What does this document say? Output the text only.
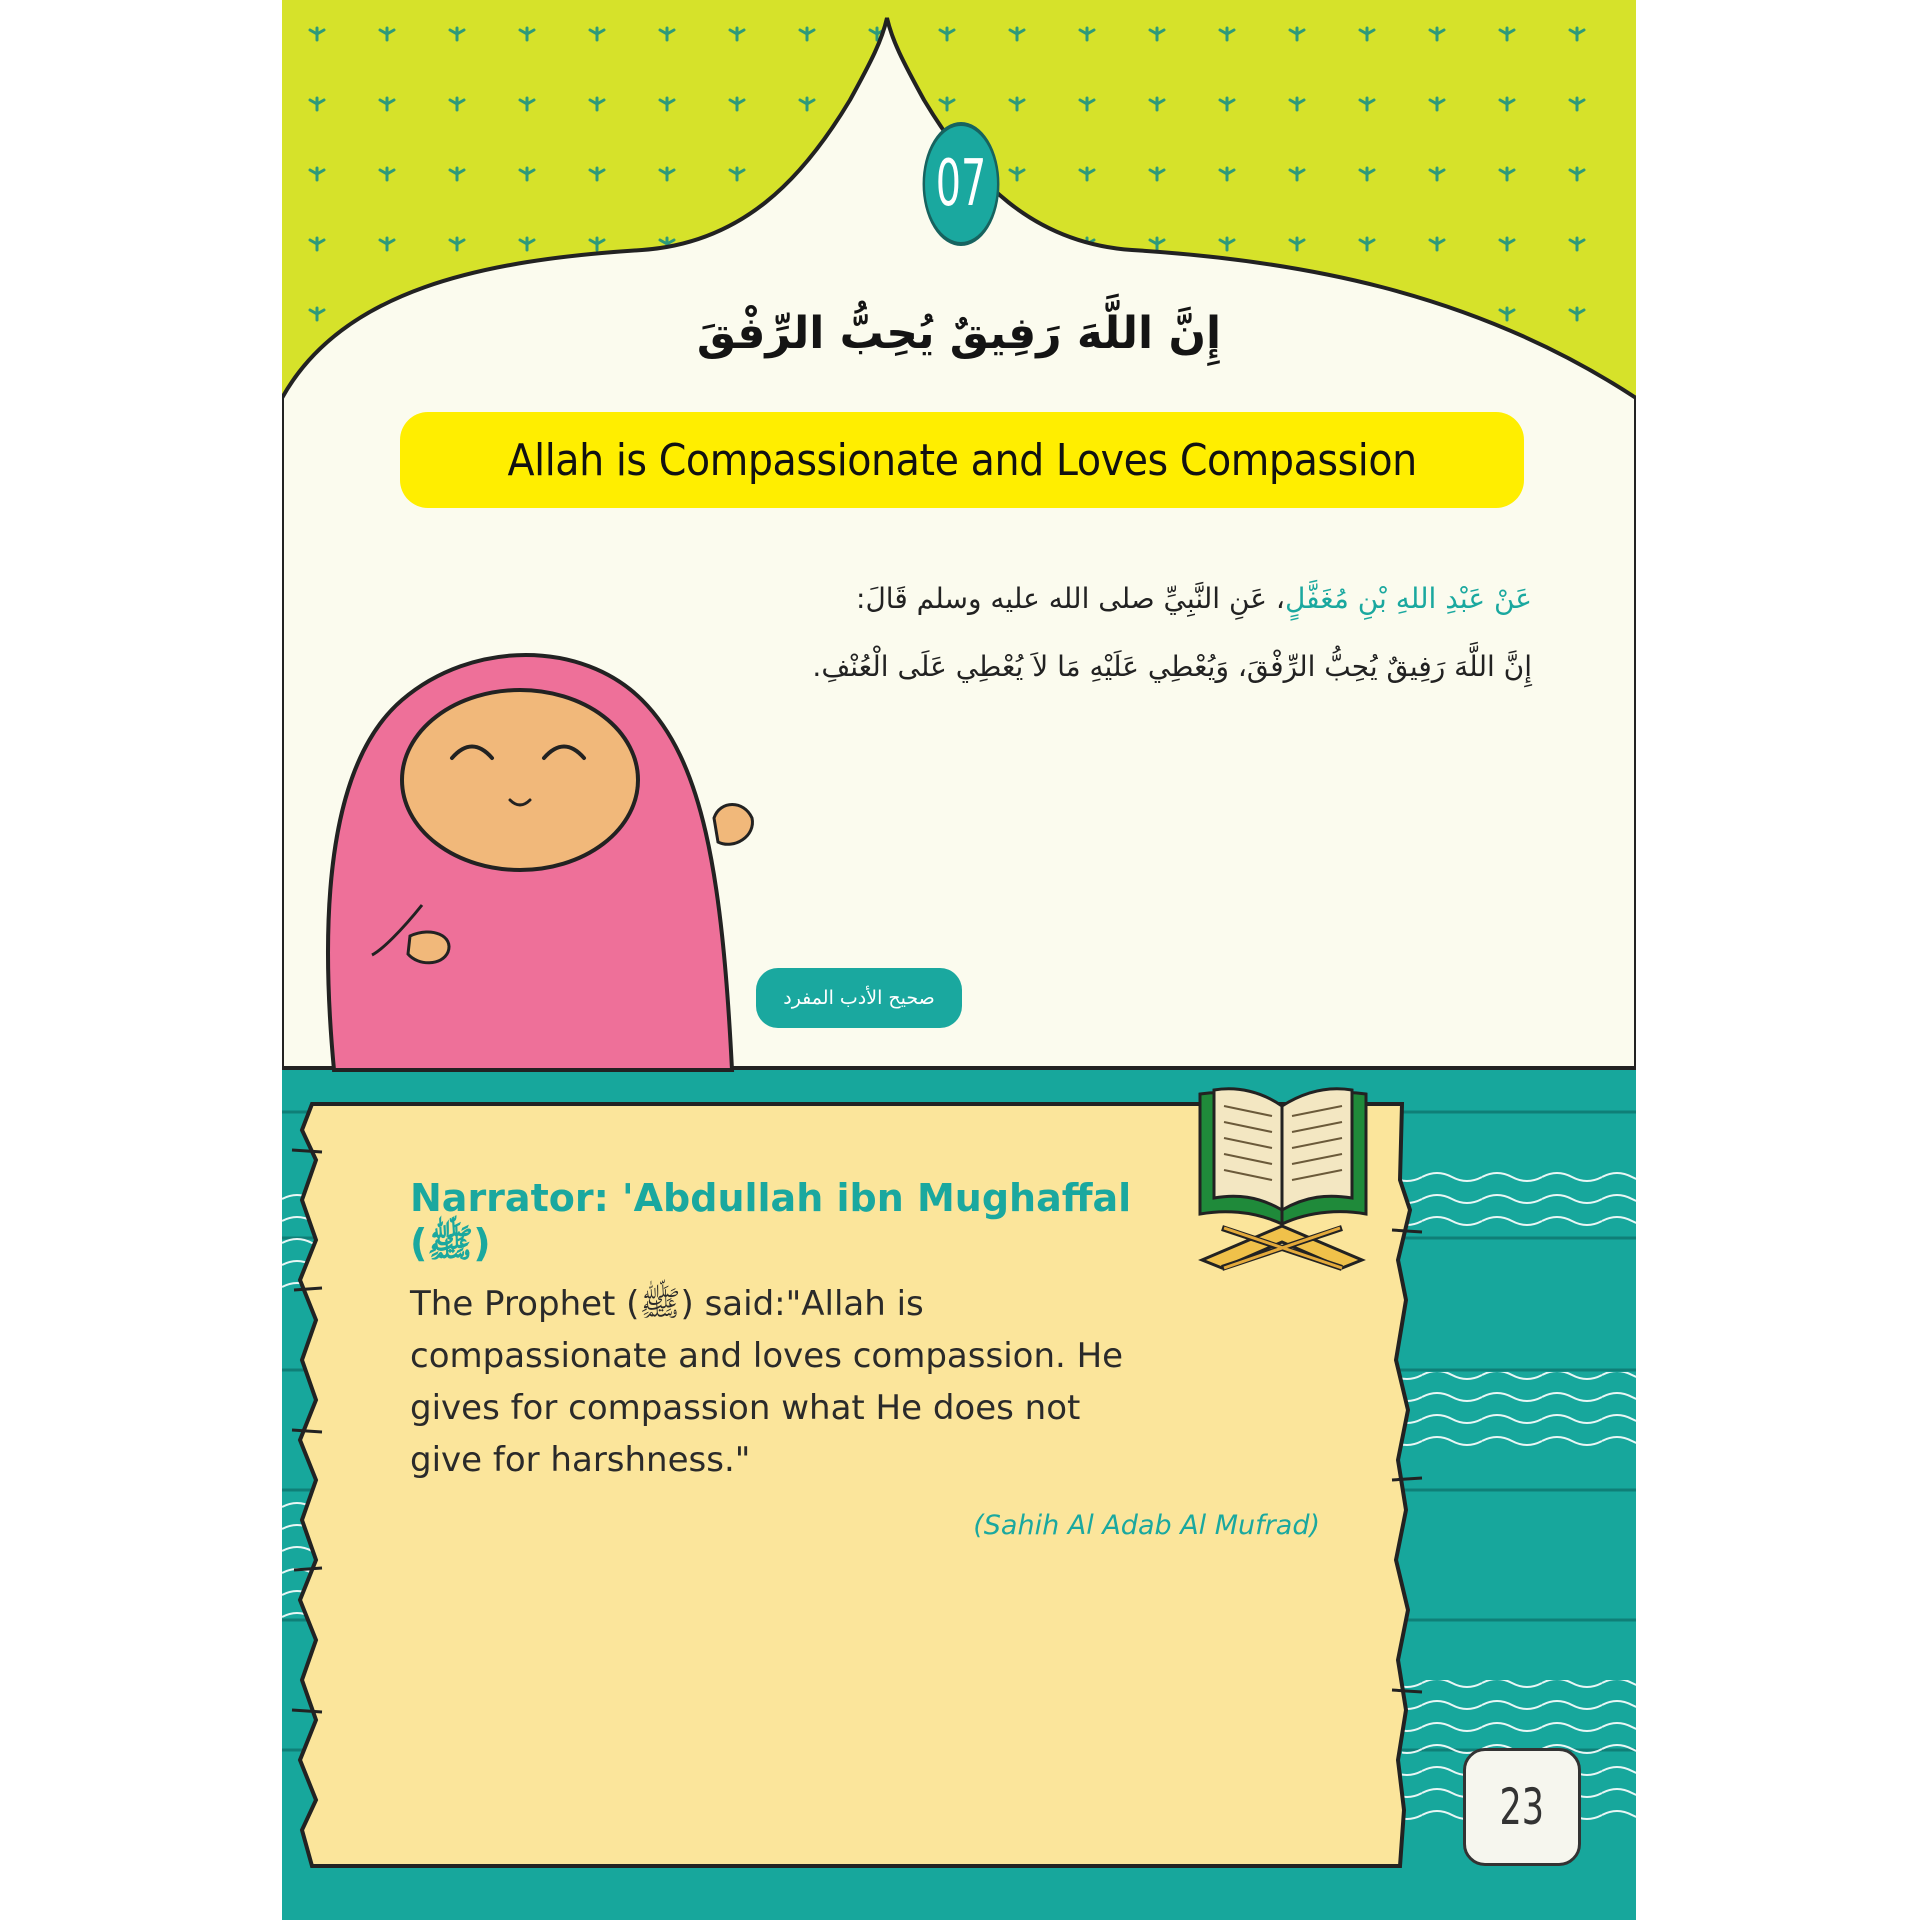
07
إِنَّ اللَّهَ رَفِيقٌ يُحِبُّ الرِّفْقَ
Allah is Compassionate and Loves Compassion
عَنْ عَبْدِ اللهِ بْنِ مُغَفَّلٍ، عَنِ النَّبِيِّ صلى الله عليه وسلم قَالَ:
إِنَّ اللَّهَ رَفِيقٌ يُحِبُّ الرِّفْقَ، وَيُعْطِي عَلَيْهِ مَا لاَ يُعْطِي عَلَى الْعُنْفِ.
صحيح الأدب المفرد
Narrator: 'Abdullah ibn Mughaffal (ﷺ)
The Prophet (ﷺ) said:"Allah is compassionate and loves compassion. He gives for compassion what He does not give for harshness."
(Sahih Al Adab Al Mufrad)
23
